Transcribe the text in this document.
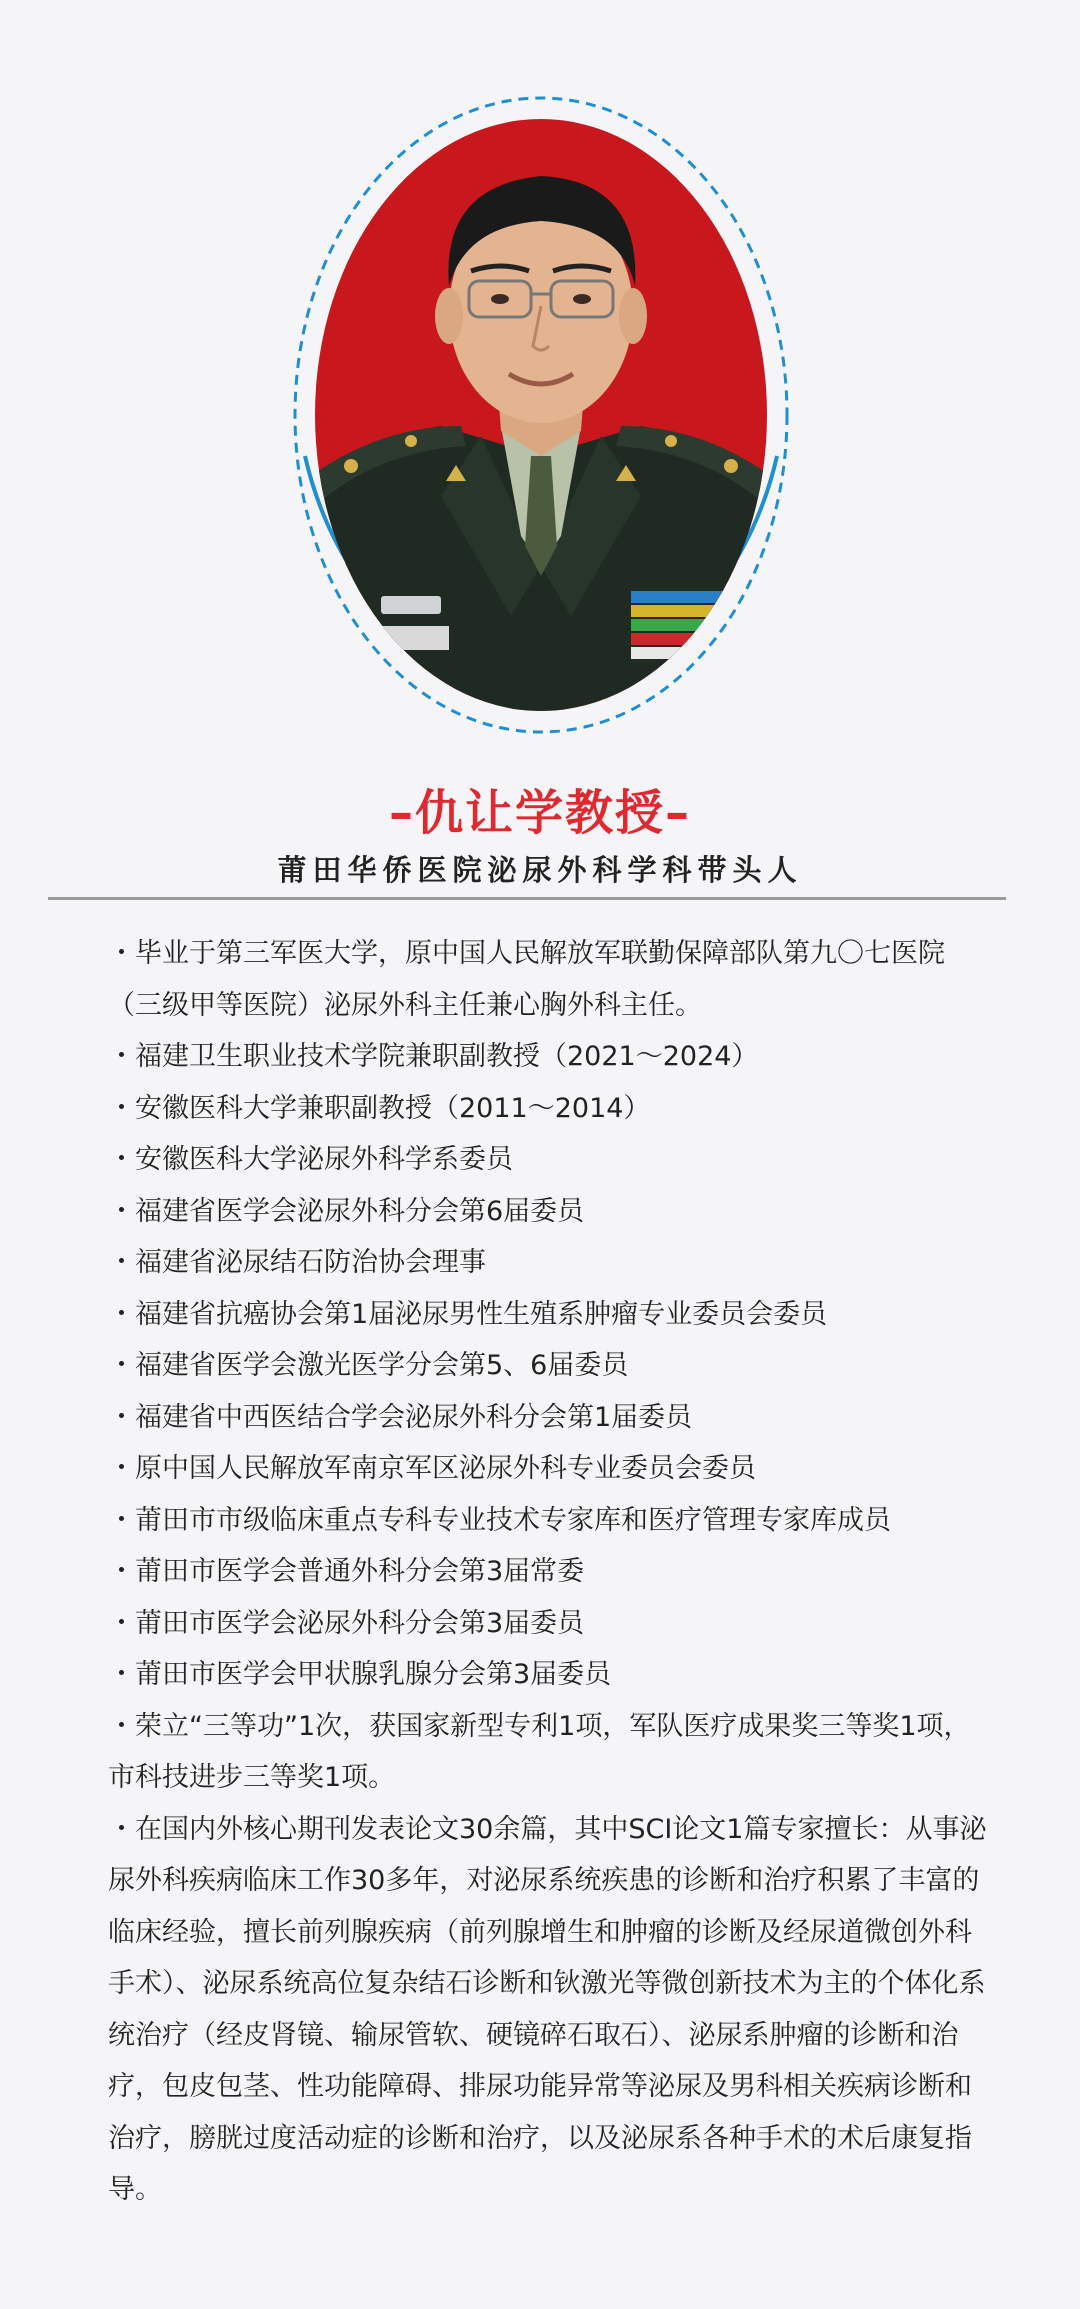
–仇让学教授–
莆田华侨医院泌尿外科学科带头人

・毕业于第三军医大学，原中国人民解放军联勤保障部队第九〇七医院（三级甲等医院）泌尿外科主任兼心胸外科主任。

・福建卫生职业技术学院兼职副教授（2021～2024）

・安徽医科大学兼职副教授（2011～2014）

・安徽医科大学泌尿外科学系委员

・福建省医学会泌尿外科分会第6届委员

・福建省泌尿结石防治协会理事

・福建省抗癌协会第1届泌尿男性生殖系肿瘤专业委员会委员

・福建省医学会激光医学分会第5、6届委员

・福建省中西医结合学会泌尿外科分会第1届委员

・原中国人民解放军南京军区泌尿外科专业委员会委员

・莆田市市级临床重点专科专业技术专家库和医疗管理专家库成员

・莆田市医学会普通外科分会第3届常委

・莆田市医学会泌尿外科分会第3届委员

・莆田市医学会甲状腺乳腺分会第3届委员

・荣立“三等功”1次，获国家新型专利1项，军队医疗成果奖三等奖1项，市科技进步三等奖1项。

・在国内外核心期刊发表论文30余篇，其中SCI论文1篇专家擅长：从事泌尿外科疾病临床工作30多年，对泌尿系统疾患的诊断和治疗积累了丰富的临床经验，擅长前列腺疾病（前列腺增生和肿瘤的诊断及经尿道微创外科手术）、泌尿系统高位复杂结石诊断和钬激光等微创新技术为主的个体化系统治疗（经皮肾镜、输尿管软、硬镜碎石取石）、泌尿系肿瘤的诊断和治疗，包皮包茎、性功能障碍、排尿功能异常等泌尿及男科相关疾病诊断和治疗，膀胱过度活动症的诊断和治疗，以及泌尿系各种手术的术后康复指导。
